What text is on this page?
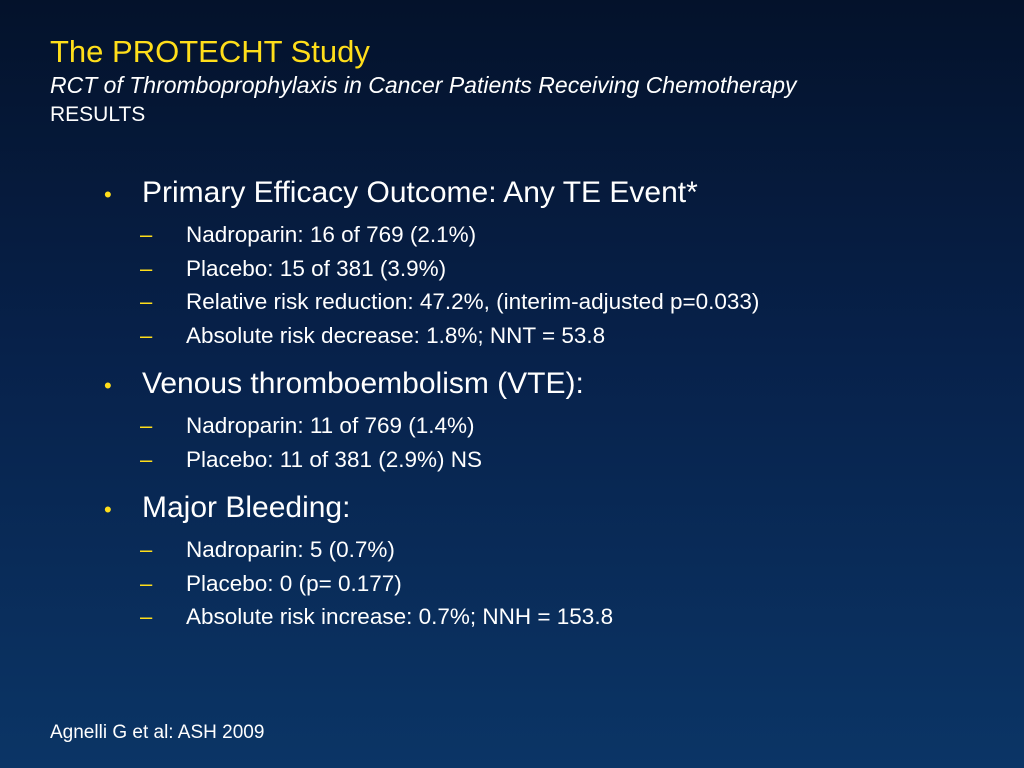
The PROTECHT Study
RCT of Thromboprophylaxis in Cancer Patients Receiving Chemotherapy
RESULTS
•	Primary Efficacy Outcome: Any TE Event*
–	Nadroparin: 16 of 769 (2.1%)
–	Placebo: 15 of 381 (3.9%)
–	Relative risk reduction: 47.2%, (interim-adjusted p=0.033)
–	Absolute risk decrease: 1.8%; NNT = 53.8
•	Venous thromboembolism (VTE):
–	Nadroparin: 11 of 769 (1.4%)
–	Placebo: 11 of 381 (2.9%) NS
•	Major Bleeding:
–	Nadroparin: 5 (0.7%)
–	Placebo: 0 (p= 0.177)
–	Absolute risk increase: 0.7%; NNH = 153.8
Agnelli G et al: ASH 2009
